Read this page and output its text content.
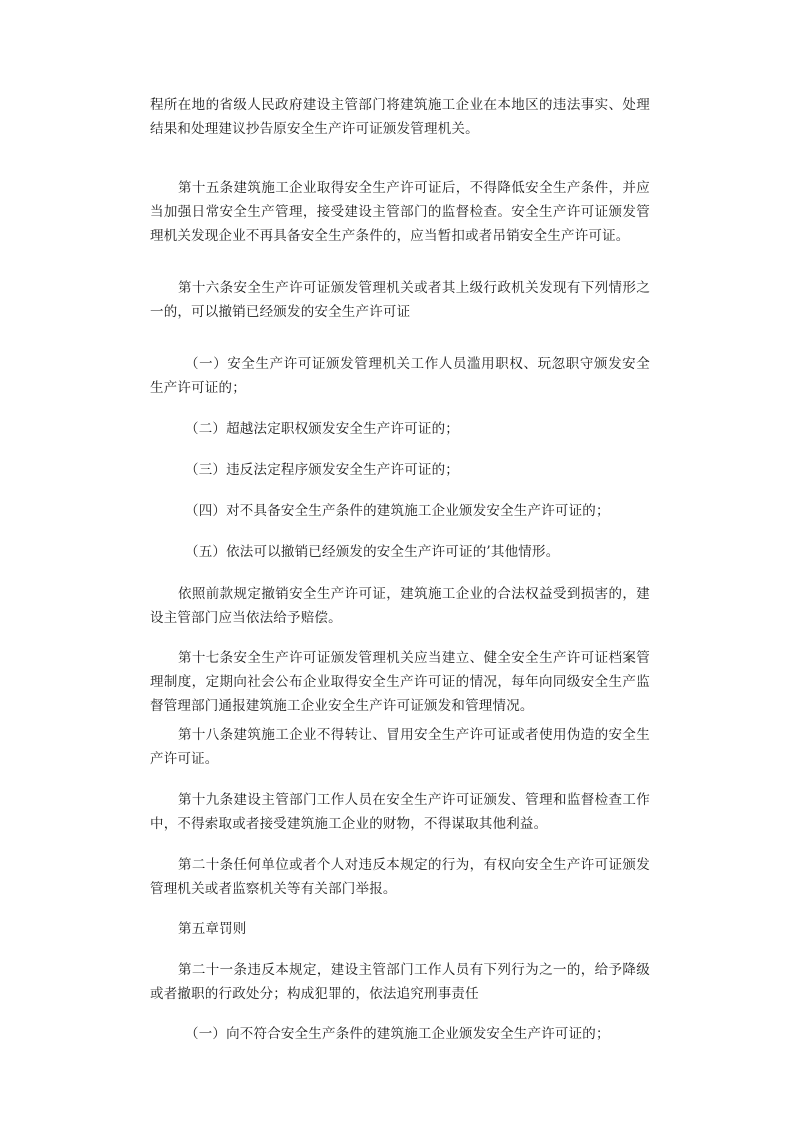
程所在地的省级人民政府建设主管部门将建筑施工企业在本地区的违法事实、处理结果和处理建议抄告原安全生产许可证颁发管理机关。

第十五条建筑施工企业取得安全生产许可证后，不得降低安全生产条件，并应当加强日常安全生产管理，接受建设主管部门的监督检查。安全生产许可证颁发管理机关发现企业不再具备安全生产条件的，应当暂扣或者吊销安全生产许可证。

第十六条安全生产许可证颁发管理机关或者其上级行政机关发现有下列情形之一的，可以撤销已经颁发的安全生产许可证

（一）安全生产许可证颁发管理机关工作人员滥用职权、玩忽职守颁发安全生产许可证的；

（二）超越法定职权颁发安全生产许可证的；

（三）违反法定程序颁发安全生产许可证的；

（四）对不具备安全生产条件的建筑施工企业颁发安全生产许可证的；

（五）依法可以撤销已经颁发的安全生产许可证的’其他情形。

依照前款规定撤销安全生产许可证，建筑施工企业的合法权益受到损害的，建设主管部门应当依法给予赔偿。

第十七条安全生产许可证颁发管理机关应当建立、健全安全生产许可证档案管理制度，定期向社会公布企业取得安全生产许可证的情况，每年向同级安全生产监督管理部门通报建筑施工企业安全生产许可证颁发和管理情况。

第十八条建筑施工企业不得转让、冒用安全生产许可证或者使用伪造的安全生产许可证。

第十九条建设主管部门工作人员在安全生产许可证颁发、管理和监督检查工作中，不得索取或者接受建筑施工企业的财物，不得谋取其他利益。

第二十条任何单位或者个人对违反本规定的行为，有权向安全生产许可证颁发管理机关或者监察机关等有关部门举报。

第五章罚则

第二十一条违反本规定，建设主管部门工作人员有下列行为之一的，给予降级或者撤职的行政处分；构成犯罪的，依法追究刑事责任

（一）向不符合安全生产条件的建筑施工企业颁发安全生产许可证的；
